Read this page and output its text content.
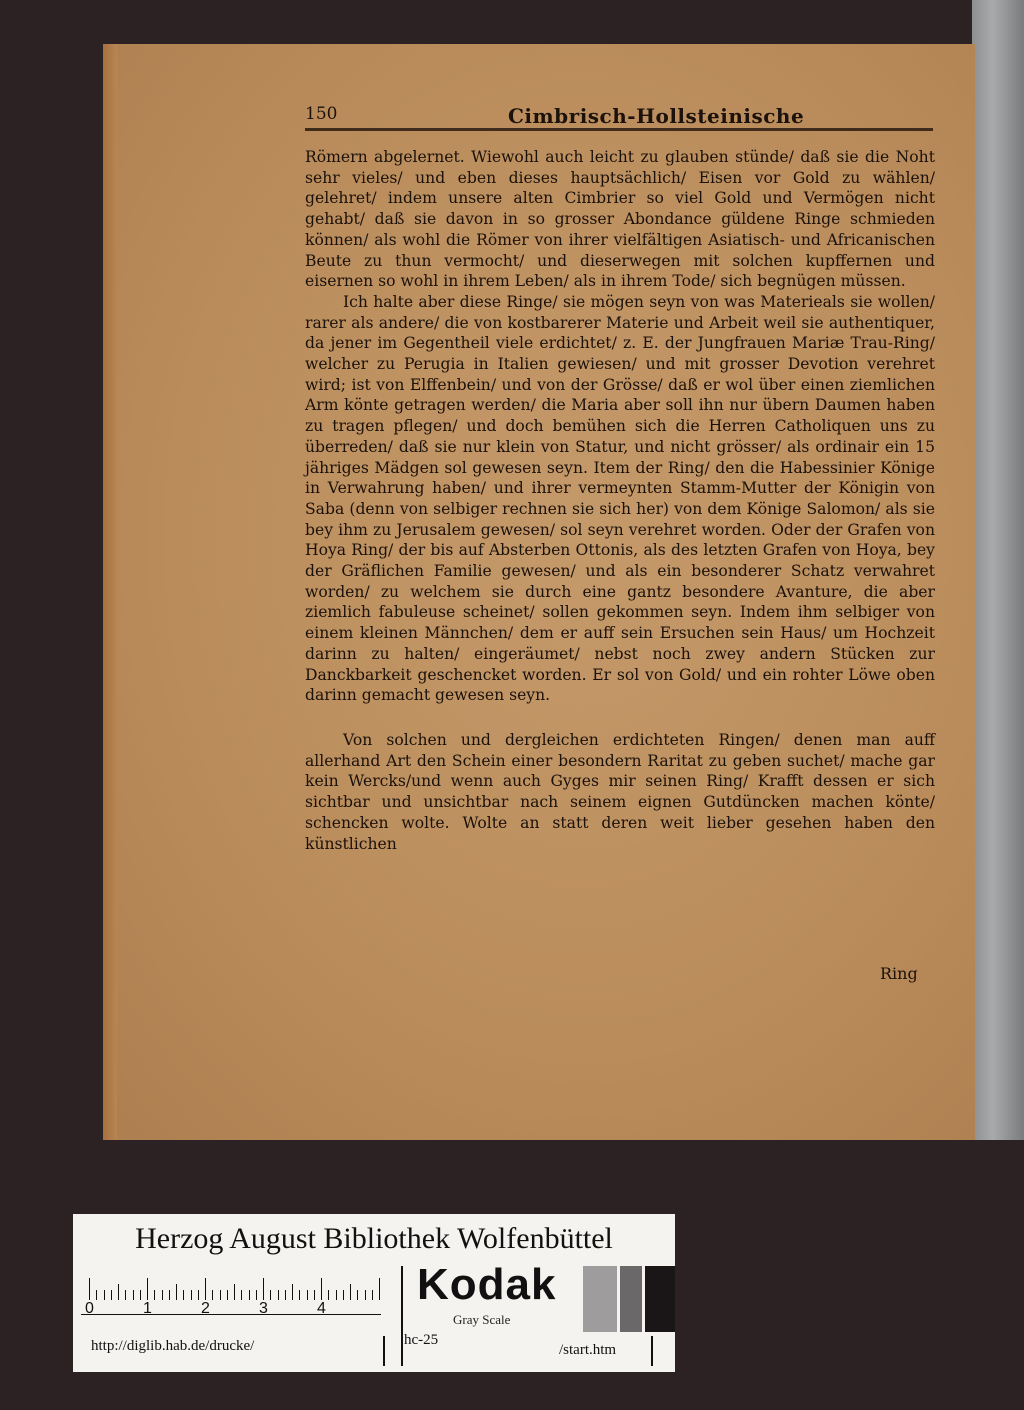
150	Cimbrisch-Hollsteinische

Römern abgelernet. Wiewohl auch leicht zu glauben stünde/ daß sie die Noht sehr vieles/ und eben dieses hauptsächlich/ Eisen vor Gold zu wählen/ gelehret/ indem unsere alten Cimbrier so viel Gold und Vermögen nicht gehabt/ daß sie davon in so grosser Abondance güldene Ringe schmieden können/ als wohl die Römer von ihrer vielfältigen Asiatisch- und Africanischen Beute zu thun vermocht/ und dieserwegen mit solchen kupffernen und eisernen so wohl in ihrem Leben/ als in ihrem Tode/ sich begnügen müssen.

Ich halte aber diese Ringe/ sie mögen seyn von was Materieals sie wollen/ rarer als andere/ die von kostbarerer Materie und Arbeit weil sie authentiquer, da jener im Gegentheil viele erdichtet/ z. E. der Jungfrauen Mariæ Trau-Ring/ welcher zu Perugia in Italien gewiesen/ und mit grosser Devotion verehret wird; ist von Elffenbein/ und von der Grösse/ daß er wol über einen ziemlichen Arm könte getragen werden/ die Maria aber soll ihn nur übern Daumen haben zu tragen pflegen/ und doch bemühen sich die Herren Catholiquen uns zu überreden/ daß sie nur klein von Statur, und nicht grösser/ als ordinair ein 15 jähriges Mädgen sol gewesen seyn. Item der Ring/ den die Habessinier Könige in Verwahrung haben/ und ihrer vermeynten Stamm-Mutter der Königin von Saba (denn von selbiger rechnen sie sich her) von dem Könige Salomon/ als sie bey ihm zu Jerusalem gewesen/ sol seyn verehret worden. Oder der Grafen von Hoya Ring/ der bis auf Absterben Ottonis, als des letzten Grafen von Hoya, bey der Gräflichen Familie gewesen/ und als ein besonderer Schatz verwahret worden/ zu welchem sie durch eine gantz besondere Avanture, die aber ziemlich fabuleuse scheinet/ sollen gekommen seyn. Indem ihm selbiger von einem kleinen Männchen/ dem er auff sein Ersuchen sein Haus/ um Hochzeit darinn zu halten/ eingeräumet/ nebst noch zwey andern Stücken zur Danckbarkeit geschencket worden. Er sol von Gold/ und ein rohter Löwe oben darinn gemacht gewesen seyn.

Von solchen und dergleichen erdichteten Ringen/ denen man auff allerhand Art den Schein einer besondern Raritat zu geben suchet/ mache gar kein Wercks/und wenn auch Gyges mir seinen Ring/ Krafft dessen er sich sichtbar und unsichtbar nach seinem eignen Gutdüncken machen könte/ schencken wolte. Wolte an statt deren weit lieber gesehen haben den künstlichen

Ring
Herzog August Bibliothek Wolfenbüttel
Kodak
Gray Scale
http://diglib.hab.de/drucke/	hc-25
/start.htm
0	1	2	3	4
